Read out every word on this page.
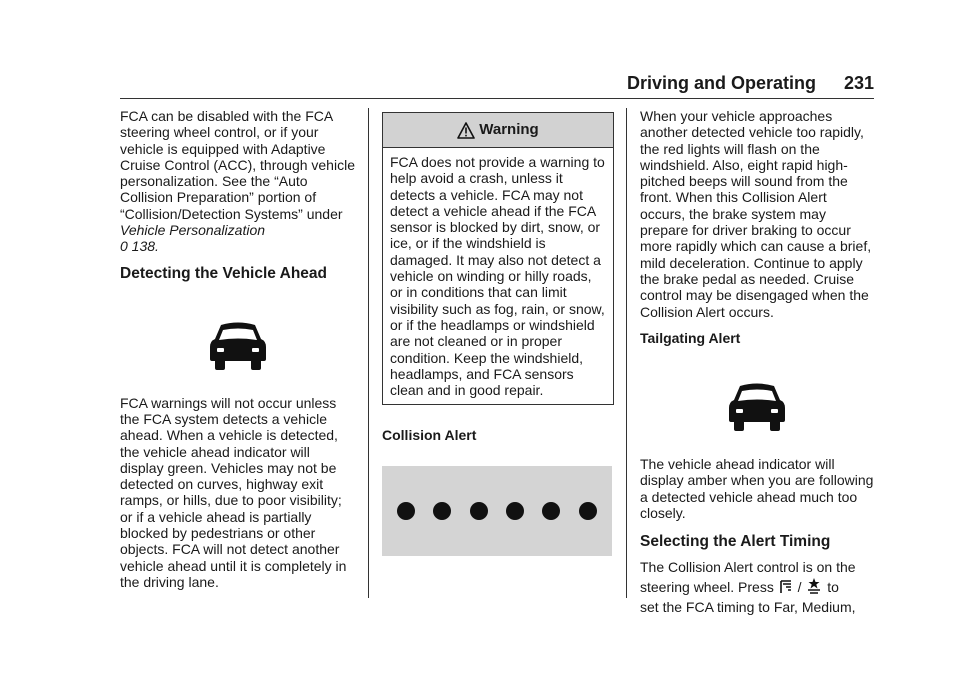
Driving and Operating 231

FCA can be disabled with the FCA steering wheel control, or if your vehicle is equipped with Adaptive Cruise Control (ACC), through vehicle personalization. See the “Auto Collision Preparation” portion of “Collision/Detection Systems” under Vehicle Personalization
0 138.

Detecting the Vehicle Ahead

FCA warnings will not occur unless the FCA system detects a vehicle ahead. When a vehicle is detected, the vehicle ahead indicator will display green. Vehicles may not be detected on curves, highway exit ramps, or hills, due to poor visibility; or if a vehicle ahead is partially blocked by pedestrians or other objects. FCA will not detect another vehicle ahead until it is completely in the driving lane.

Warning
FCA does not provide a warning to help avoid a crash, unless it detects a vehicle. FCA may not detect a vehicle ahead if the FCA sensor is blocked by dirt, snow, or ice, or if the windshield is damaged. It may also not detect a vehicle on winding or hilly roads, or in conditions that can limit visibility such as fog, rain, or snow, or if the headlamps or windshield are not cleaned or in proper condition. Keep the windshield, headlamps, and FCA sensors clean and in good repair.

Collision Alert

When your vehicle approaches another detected vehicle too rapidly, the red lights will flash on the windshield. Also, eight rapid high-pitched beeps will sound from the front. When this Collision Alert occurs, the brake system may prepare for driver braking to occur more rapidly which can cause a brief, mild deceleration. Continue to apply the brake pedal as needed. Cruise control may be disengaged when the Collision Alert occurs.

Tailgating Alert

The vehicle ahead indicator will display amber when you are following a detected vehicle ahead much too closely.

Selecting the Alert Timing

The Collision Alert control is on the steering wheel. Press / to
set the FCA timing to Far, Medium,
